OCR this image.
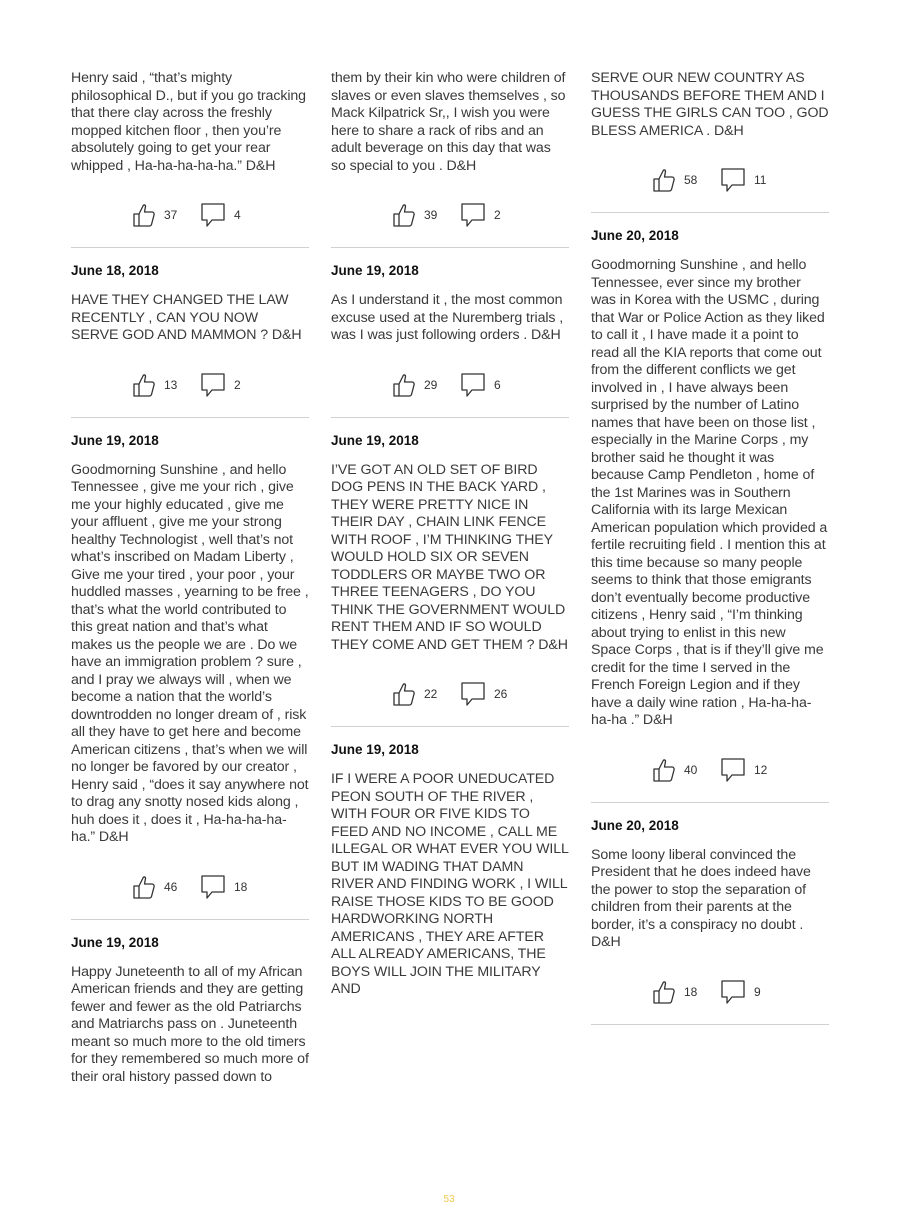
Henry said , “that’s mighty philosophical D., but if you go tracking that there clay across the freshly mopped kitchen floor , then you’re absolutely going to get your rear whipped , Ha-ha-ha-ha-ha.” D&H

37	4

June 18, 2018

HAVE THEY CHANGED THE LAW RECENTLY , CAN YOU NOW SERVE GOD AND MAMMON ? D&H

13	2

June 19, 2018

Goodmorning Sunshine , and hello Tennessee , give me your rich , give me your highly educated , give me your affluent , give me your strong healthy Technologist , well that’s not what’s inscribed on Madam Liberty , Give me your tired , your poor , your huddled masses , yearning to be free , that’s what the world contributed to this great nation and that’s what makes us the people we are . Do we have an immigration problem ? sure , and I pray we always will , when we become a nation that the world’s downtrodden no longer dream of , risk all they have to get here and become American citizens , that’s when we will no longer be favored by our creator , Henry said , “does it say anywhere not to drag any snotty nosed kids along , huh does it , does it , Ha-ha-ha-ha-ha.” D&H

46	18

June 19, 2018

Happy Juneteenth to all of my African American friends and they are getting fewer and fewer as the old Patriarchs and Matriarchs pass on . Juneteenth meant so much more to the old timers for they remembered so much more of their oral history passed down to

them by their kin who were children of slaves or even slaves themselves , so Mack Kilpatrick Sr,, I wish you were here to share a rack of ribs and an adult beverage on this day that was so special to you . D&H

39	2

June 19, 2018

As I understand it , the most common excuse used at the Nuremberg trials , was I was just following orders . D&H

29	6

June 19, 2018

I’VE GOT AN OLD SET OF BIRD DOG PENS IN THE BACK YARD , THEY WERE PRETTY NICE IN THEIR DAY , CHAIN LINK FENCE WITH ROOF , I’M THINKING THEY WOULD HOLD SIX OR SEVEN TODDLERS OR MAYBE TWO OR THREE TEENAGERS , DO YOU THINK THE GOVERNMENT WOULD RENT THEM AND IF SO WOULD THEY COME AND GET THEM ? D&H

22	26

June 19, 2018

IF I WERE A POOR UNEDUCATED PEON SOUTH OF THE RIVER , WITH FOUR OR FIVE KIDS TO FEED AND NO INCOME , CALL ME ILLEGAL OR WHAT EVER YOU WILL BUT IM WADING THAT DAMN RIVER AND FINDING WORK , I WILL RAISE THOSE KIDS TO BE GOOD HARDWORKING NORTH AMERICANS , THEY ARE AFTER ALL ALREADY AMERICANS, THE BOYS WILL JOIN THE MILITARY AND

SERVE OUR NEW COUNTRY AS THOUSANDS BEFORE THEM AND I GUESS THE GIRLS CAN TOO , GOD BLESS AMERICA . D&H

58	11

June 20, 2018

Goodmorning Sunshine , and hello Tennessee, ever since my brother was in Korea with the USMC , during that War or Police Action as they liked to call it , I have made it a point to read all the KIA reports that come out from the different conflicts we get involved in , I have always been surprised by the number of Latino names that have been on those list , especially in the Marine Corps , my brother said he thought it was because Camp Pendleton , home of the 1st Marines was in Southern California with its large Mexican American population which provided a fertile recruiting field . I mention this at this time because so many people seems to think that those emigrants don’t eventually become productive citizens , Henry said , “I’m thinking about trying to enlist in this new Space Corps , that is if they’ll give me credit for the time I served in the French Foreign Legion and if they have a daily wine ration , Ha-ha-ha-ha-ha .” D&H

40	12

June 20, 2018

Some loony liberal convinced the President that he does indeed have the power to stop the separation of children from their parents at the border, it’s a conspiracy no doubt . D&H

18	9
53
